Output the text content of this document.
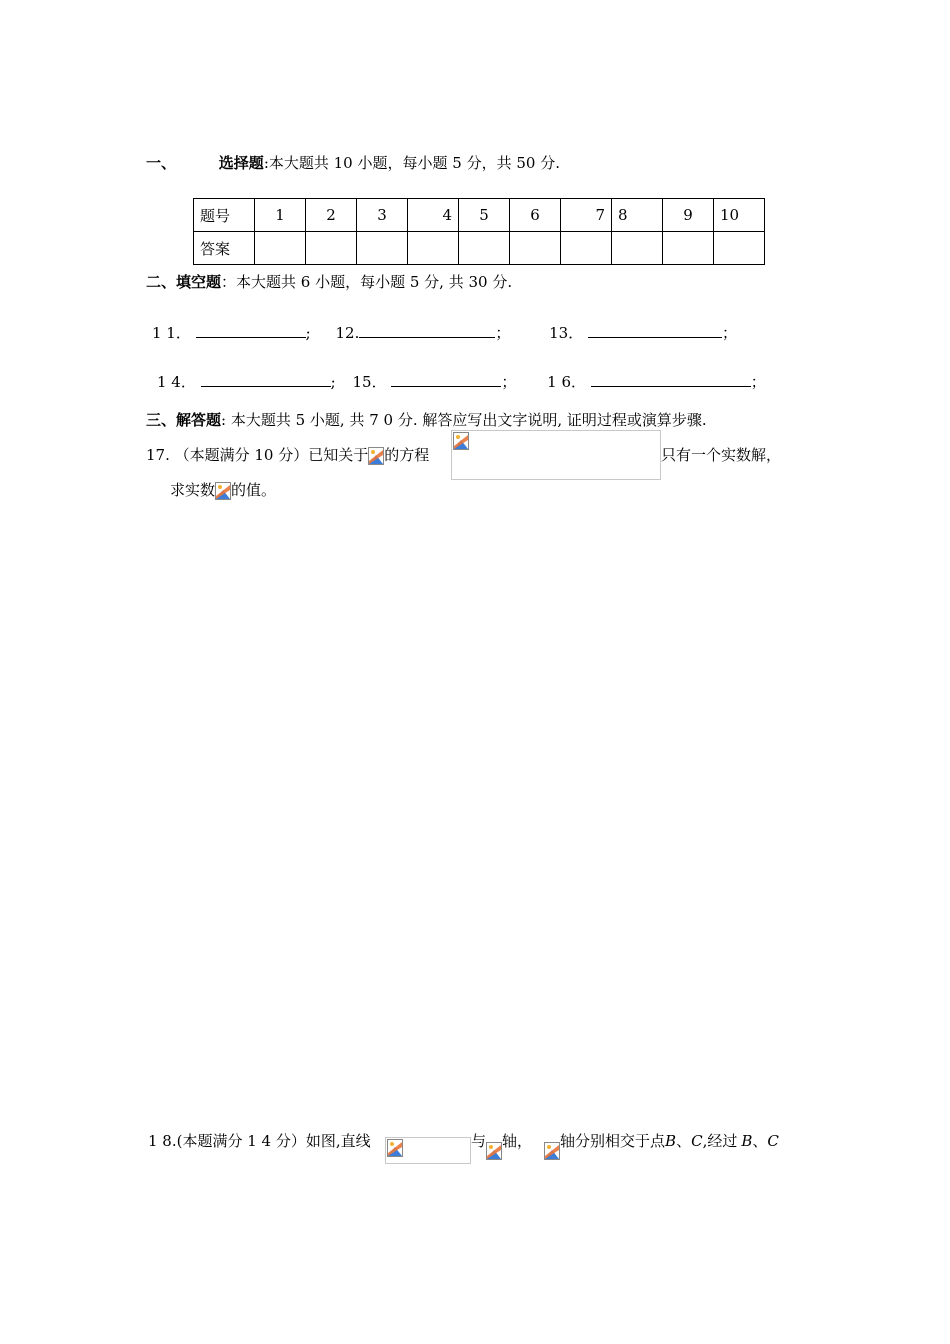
一、	选择题:本大题共 10 小题，每小题 5 分，共 50 分.
题号	1	2	3	4	5	6	7	8	9	10
答案										
二、填空题：本大题共 6 小题，每小题 5 分, 共 30 分.
1 1．	; 12.	；	13．	；
1 4．	; 15．	； 1 6．	；
三、解答题: 本大题共 5 小题, 共 7 0 分. 解答应写出文字说明, 证明过程或演算步骤.
17. （本题满分 10 分）已知关于 的方程	只有一个实数解，
求实数 的值。
1 8.(本题满分 1 4 分）如图,直线	与 轴， 轴分别相交于点B、C,经过 B、C
